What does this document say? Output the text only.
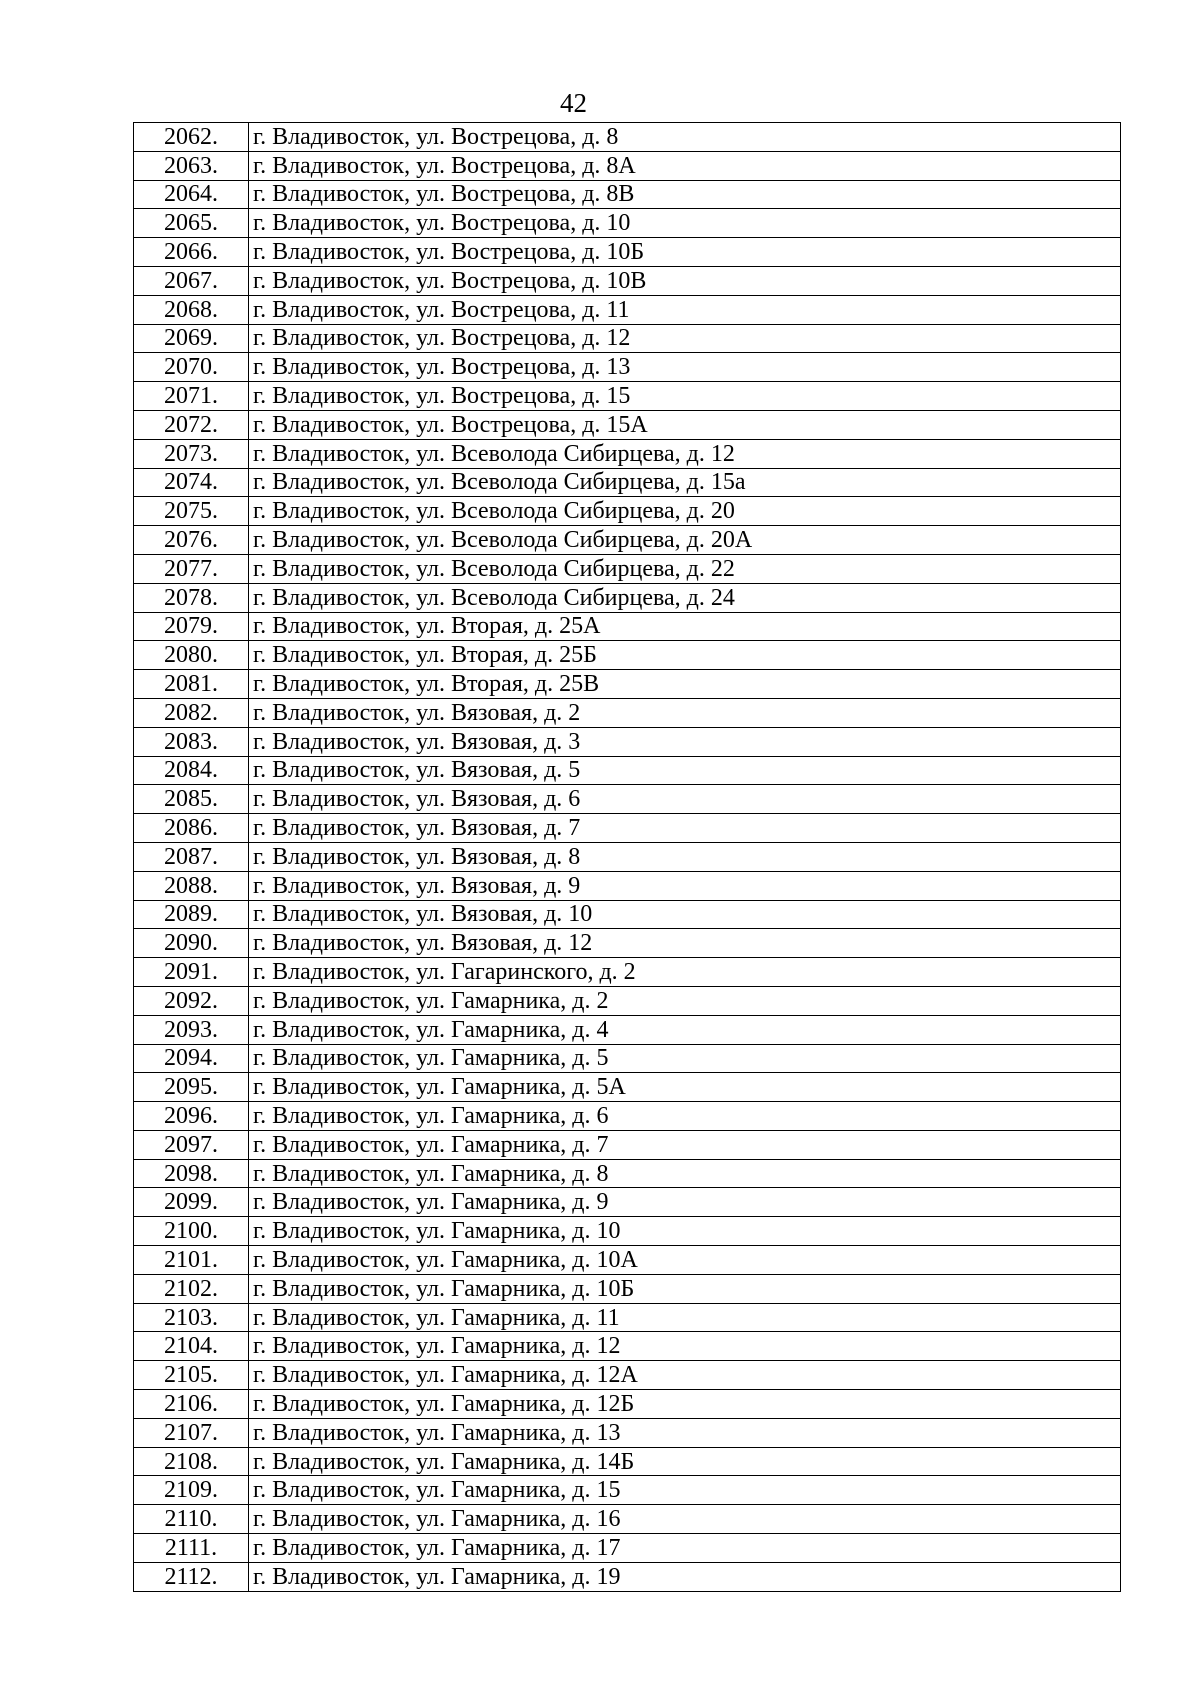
42
2062.	г. Владивосток, ул. Вострецова, д. 8
2063.	г. Владивосток, ул. Вострецова, д. 8А
2064.	г. Владивосток, ул. Вострецова, д. 8В
2065.	г. Владивосток, ул. Вострецова, д. 10
2066.	г. Владивосток, ул. Вострецова, д. 10Б
2067.	г. Владивосток, ул. Вострецова, д. 10В
2068.	г. Владивосток, ул. Вострецова, д. 11
2069.	г. Владивосток, ул. Вострецова, д. 12
2070.	г. Владивосток, ул. Вострецова, д. 13
2071.	г. Владивосток, ул. Вострецова, д. 15
2072.	г. Владивосток, ул. Вострецова, д. 15А
2073.	г. Владивосток, ул. Всеволода Сибирцева, д. 12
2074.	г. Владивосток, ул. Всеволода Сибирцева, д. 15а
2075.	г. Владивосток, ул. Всеволода Сибирцева, д. 20
2076.	г. Владивосток, ул. Всеволода Сибирцева, д. 20А
2077.	г. Владивосток, ул. Всеволода Сибирцева, д. 22
2078.	г. Владивосток, ул. Всеволода Сибирцева, д. 24
2079.	г. Владивосток, ул. Вторая, д. 25А
2080.	г. Владивосток, ул. Вторая, д. 25Б
2081.	г. Владивосток, ул. Вторая, д. 25В
2082.	г. Владивосток, ул. Вязовая, д. 2
2083.	г. Владивосток, ул. Вязовая, д. 3
2084.	г. Владивосток, ул. Вязовая, д. 5
2085.	г. Владивосток, ул. Вязовая, д. 6
2086.	г. Владивосток, ул. Вязовая, д. 7
2087.	г. Владивосток, ул. Вязовая, д. 8
2088.	г. Владивосток, ул. Вязовая, д. 9
2089.	г. Владивосток, ул. Вязовая, д. 10
2090.	г. Владивосток, ул. Вязовая, д. 12
2091.	г. Владивосток, ул. Гагаринского, д. 2
2092.	г. Владивосток, ул. Гамарника, д. 2
2093.	г. Владивосток, ул. Гамарника, д. 4
2094.	г. Владивосток, ул. Гамарника, д. 5
2095.	г. Владивосток, ул. Гамарника, д. 5А
2096.	г. Владивосток, ул. Гамарника, д. 6
2097.	г. Владивосток, ул. Гамарника, д. 7
2098.	г. Владивосток, ул. Гамарника, д. 8
2099.	г. Владивосток, ул. Гамарника, д. 9
2100.	г. Владивосток, ул. Гамарника, д. 10
2101.	г. Владивосток, ул. Гамарника, д. 10А
2102.	г. Владивосток, ул. Гамарника, д. 10Б
2103.	г. Владивосток, ул. Гамарника, д. 11
2104.	г. Владивосток, ул. Гамарника, д. 12
2105.	г. Владивосток, ул. Гамарника, д. 12А
2106.	г. Владивосток, ул. Гамарника, д. 12Б
2107.	г. Владивосток, ул. Гамарника, д. 13
2108.	г. Владивосток, ул. Гамарника, д. 14Б
2109.	г. Владивосток, ул. Гамарника, д. 15
2110.	г. Владивосток, ул. Гамарника, д. 16
2111.	г. Владивосток, ул. Гамарника, д. 17
2112.	г. Владивосток, ул. Гамарника, д. 19
